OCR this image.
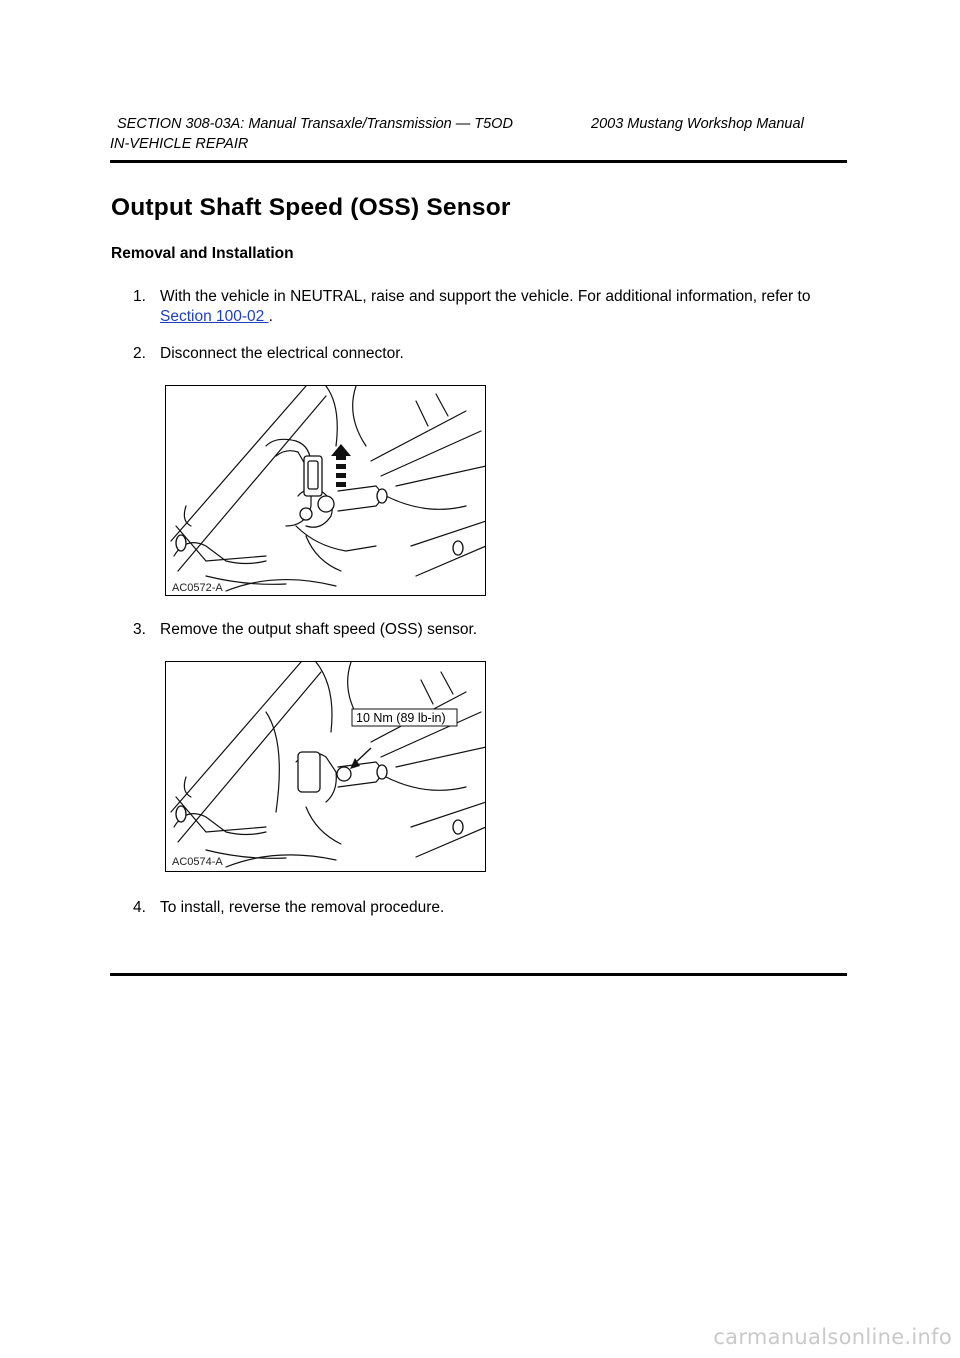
SECTION 308-03A: Manual Transaxle/Transmission — T5OD	2003 Mustang Workshop Manual
IN-VEHICLE REPAIR
Output Shaft Speed (OSS) Sensor
Removal and Installation
1. With the vehicle in NEUTRAL, raise and support the vehicle. For additional information, refer to
Section 100-02 .
2. Disconnect the electrical connector.
AC0572-A
3. Remove the output shaft speed (OSS) sensor.
10 Nm (89 lb-in)
AC0574-A
4. To install, reverse the removal procedure.
carmanualsonline.info
